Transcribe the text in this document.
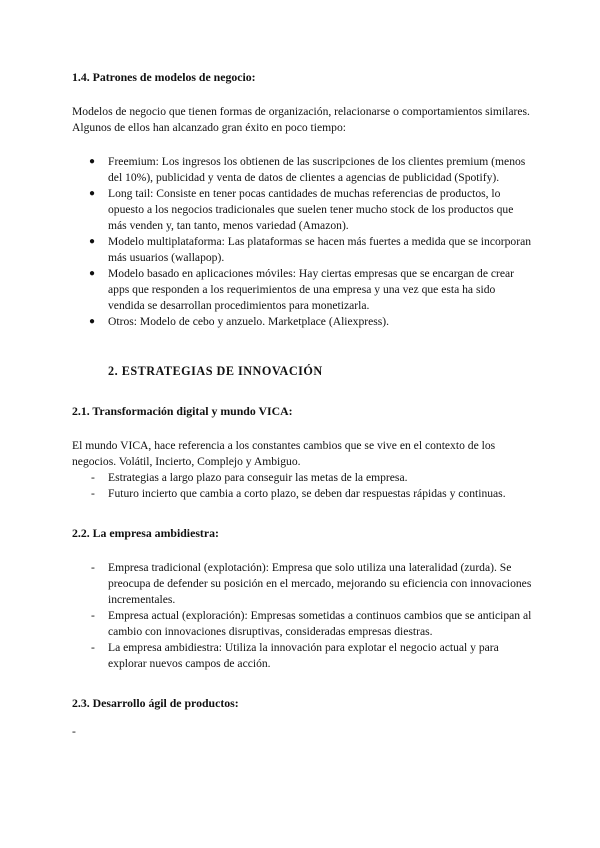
1.4. Patrones de modelos de negocio:

Modelos de negocio que tienen formas de organización, relacionarse o comportamientos similares. Algunos de ellos han alcanzado gran éxito en poco tiempo:

● Freemium: Los ingresos los obtienen de las suscripciones de los clientes premium (menos del 10%), publicidad y venta de datos de clientes a agencias de publicidad (Spotify).
● Long tail: Consiste en tener pocas cantidades de muchas referencias de productos, lo opuesto a los negocios tradicionales que suelen tener mucho stock de los productos que más venden y, tan tanto, menos variedad (Amazon).
● Modelo multiplataforma: Las plataformas se hacen más fuertes a medida que se incorporan más usuarios (wallapop).
● Modelo basado en aplicaciones móviles: Hay ciertas empresas que se encargan de crear apps que responden a los requerimientos de una empresa y una vez que esta ha sido vendida se desarrollan procedimientos para monetizarla.
● Otros: Modelo de cebo y anzuelo. Marketplace (Aliexpress).
2. ESTRATEGIAS DE INNOVACIÓN
2.1. Transformación digital y mundo VICA:

El mundo VICA, hace referencia a los constantes cambios que se vive en el contexto de los negocios. Volátil, Incierto, Complejo y Ambiguo.

- Estrategias a largo plazo para conseguir las metas de la empresa.
- Futuro incierto que cambia a corto plazo, se deben dar respuestas rápidas y continuas.
2.2. La empresa ambidiestra:
- Empresa tradicional (explotación): Empresa que solo utiliza una lateralidad (zurda). Se preocupa de defender su posición en el mercado, mejorando su eficiencia con innovaciones incrementales.
- Empresa actual (exploración): Empresas sometidas a continuos cambios que se anticipan al cambio con innovaciones disruptivas, consideradas empresas diestras.
- La empresa ambidiestra: Utiliza la innovación para explotar el negocio actual y para explorar nuevos campos de acción.
2.3. Desarrollo ágil de productos:
-
